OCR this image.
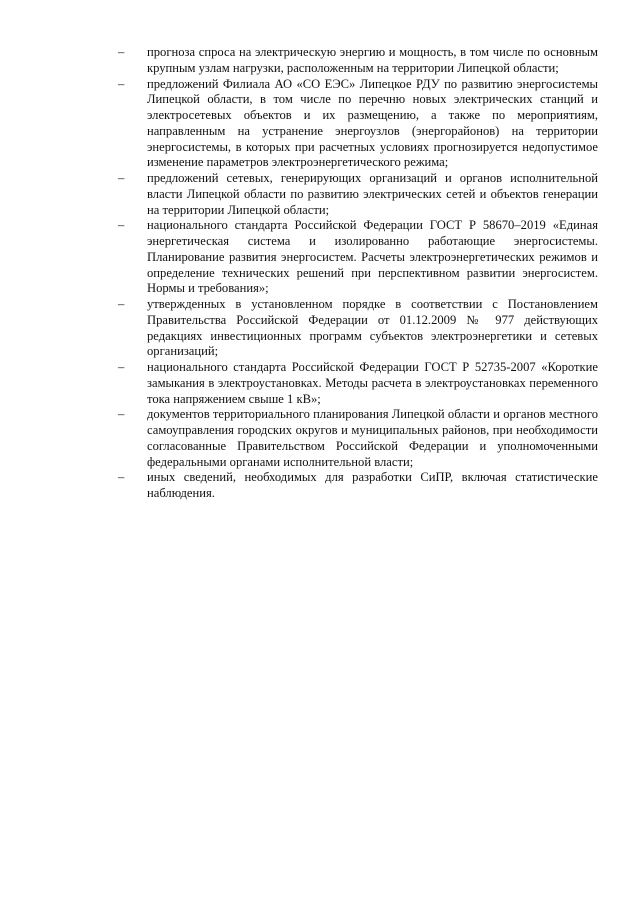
–	прогноза спроса на электрическую энергию и мощность, в том числе по основным крупным узлам нагрузки, расположенным на территории Липецкой области;
–	предложений Филиала АО «СО ЕЭС» Липецкое РДУ по развитию энергосистемы Липецкой области, в том числе по перечню новых электрических станций и электросетевых объектов и их размещению, а также по мероприятиям, направленным на устранение энергоузлов (энергорайонов) на территории энергосистемы, в которых при расчетных условиях прогнозируется недопустимое изменение параметров электроэнергетического режима;
–	предложений сетевых, генерирующих организаций и органов исполнительной власти Липецкой области по развитию электрических сетей и объектов генерации на территории Липецкой области;
–	национального стандарта Российской Федерации ГОСТ Р 58670–2019 «Единая энергетическая система и изолированно работающие энергосистемы. Планирование развития энергосистем. Расчеты электроэнергетических режимов и определение технических решений при перспективном развитии энергосистем. Нормы и требования»;
–	утвержденных в установленном порядке в соответствии с Постановлением Правительства Российской Федерации от 01.12.2009 № 977 действующих редакциях инвестиционных программ субъектов электроэнергетики и сетевых организаций;
–	национального стандарта Российской Федерации ГОСТ Р 52735-2007 «Короткие замыкания в электроустановках. Методы расчета в электроустановках переменного тока напряжением свыше 1 кВ»;
–	документов территориального планирования Липецкой области и органов местного самоуправления городских округов и муниципальных районов, при необходимости согласованные Правительством Российской Федерации и уполномоченными федеральными органами исполнительной власти;
–	иных сведений, необходимых для разработки СиПР, включая статистические наблюдения.
